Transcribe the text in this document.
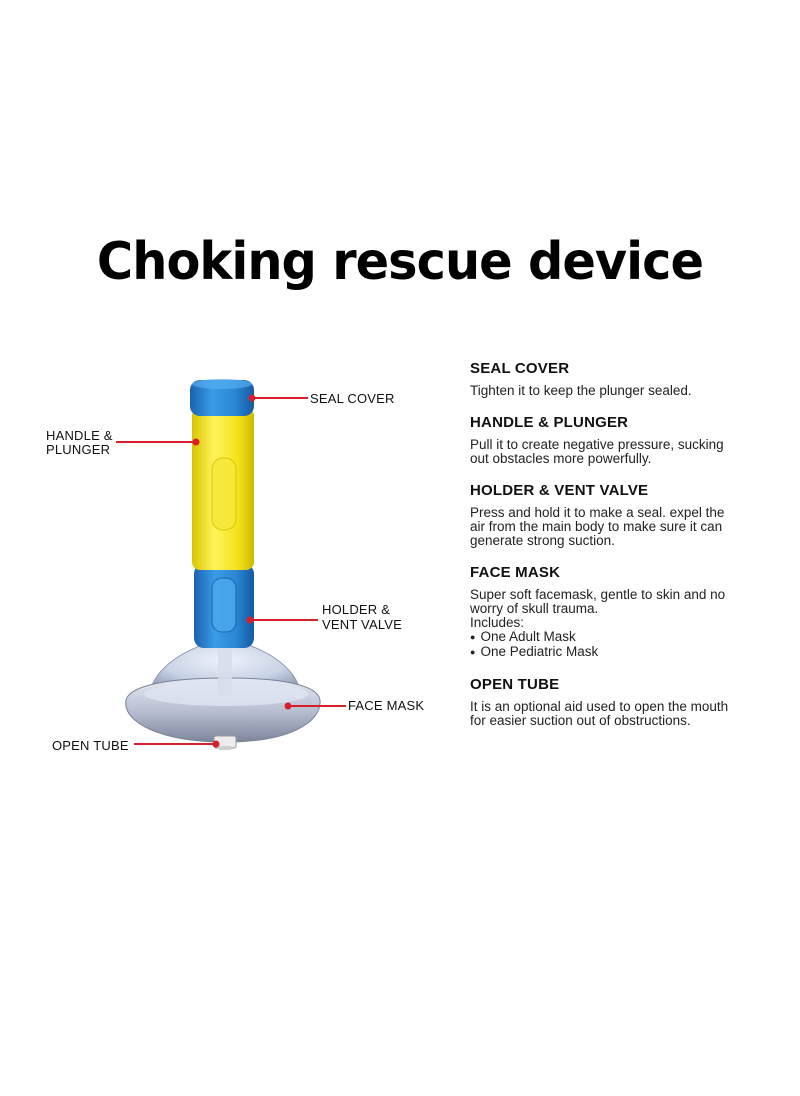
Choking rescue device
SEAL COVER
HANDLE &
PLUNGER
HOLDER &
VENT VALVE
FACE MASK
OPEN TUBE
SEAL COVER

Tighten it to keep the plunger sealed.

HANDLE & PLUNGER

Pull it to create negative pressure, sucking

out obstacles more powerfully.

HOLDER & VENT VALVE

Press and hold it to make a seal. expel the

air from the main body to make sure it can

generate strong suction.

FACE MASK

Super soft facemask, gentle to skin and no

worry of skull trauma.

Includes:

● One Adult Mask
● One Pediatric Mask
OPEN TUBE

It is an optional aid used to open the mouth

for easier suction out of obstructions.
